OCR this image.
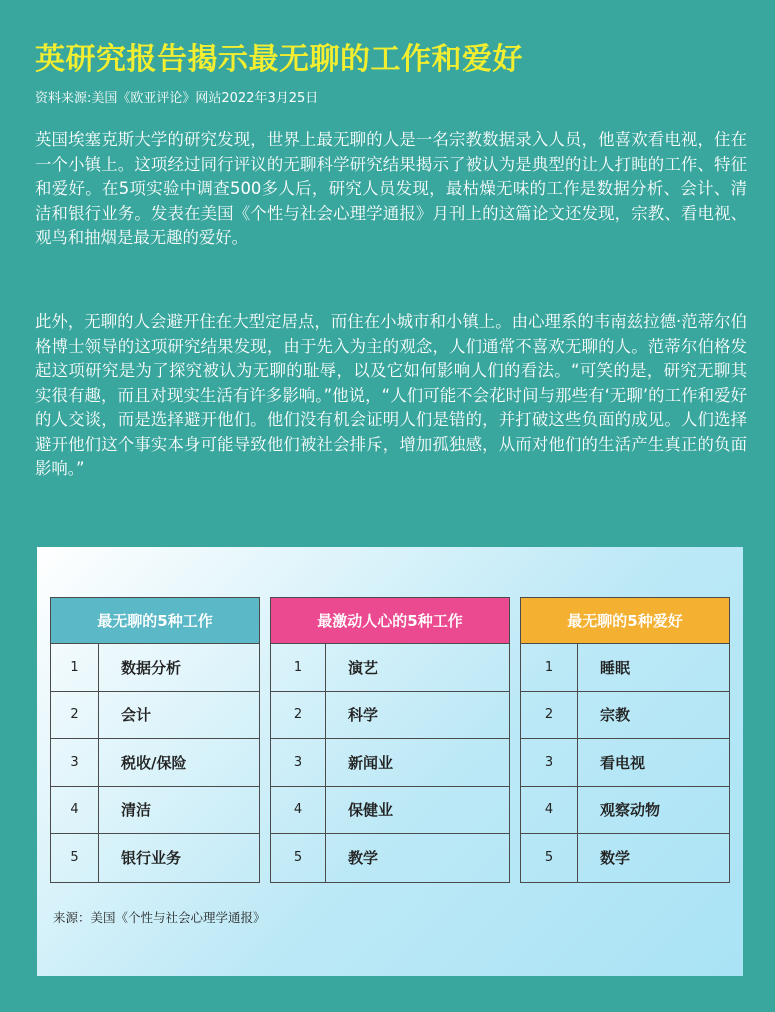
英研究报告揭示最无聊的工作和爱好
资料来源:美国《欧亚评论》网站2022年3月25日

英国埃塞克斯大学的研究发现，世界上最无聊的人是一名宗教数据录入人员，他喜欢看电视，住在一个小镇上。这项经过同行评议的无聊科学研究结果揭示了被认为是典型的让人打盹的工作、特征和爱好。在5项实验中调查500多人后，研究人员发现，最枯燥无味的工作是数据分析、会计、清洁和银行业务。发表在美国《个性与社会心理学通报》月刊上的这篇论文还发现，宗教、看电视、观鸟和抽烟是最无趣的爱好。

此外，无聊的人会避开住在大型定居点，而住在小城市和小镇上。由心理系的韦南兹拉德·范蒂尔伯格博士领导的这项研究结果发现，由于先入为主的观念，人们通常不喜欢无聊的人。范蒂尔伯格发起这项研究是为了探究被认为无聊的耻辱，以及它如何影响人们的看法。“可笑的是，研究无聊其实很有趣，而且对现实生活有许多影响。”他说，“人们可能不会花时间与那些有‘无聊’的工作和爱好的人交谈，而是选择避开他们。他们没有机会证明人们是错的，并打破这些负面的成见。人们选择避开他们这个事实本身可能导致他们被社会排斥，增加孤独感，从而对他们的生活产生真正的负面影响。”

最无聊的5种工作
1	数据分析
2	会计
3	税收/保险
4	清洁
5	银行业务
最激动人心的5种工作
1	演艺
2	科学
3	新闻业
4	保健业
5	教学
最无聊的5种爱好
1	睡眠
2	宗教
3	看电视
4	观察动物
5	数学
来源：美国《个性与社会心理学通报》
